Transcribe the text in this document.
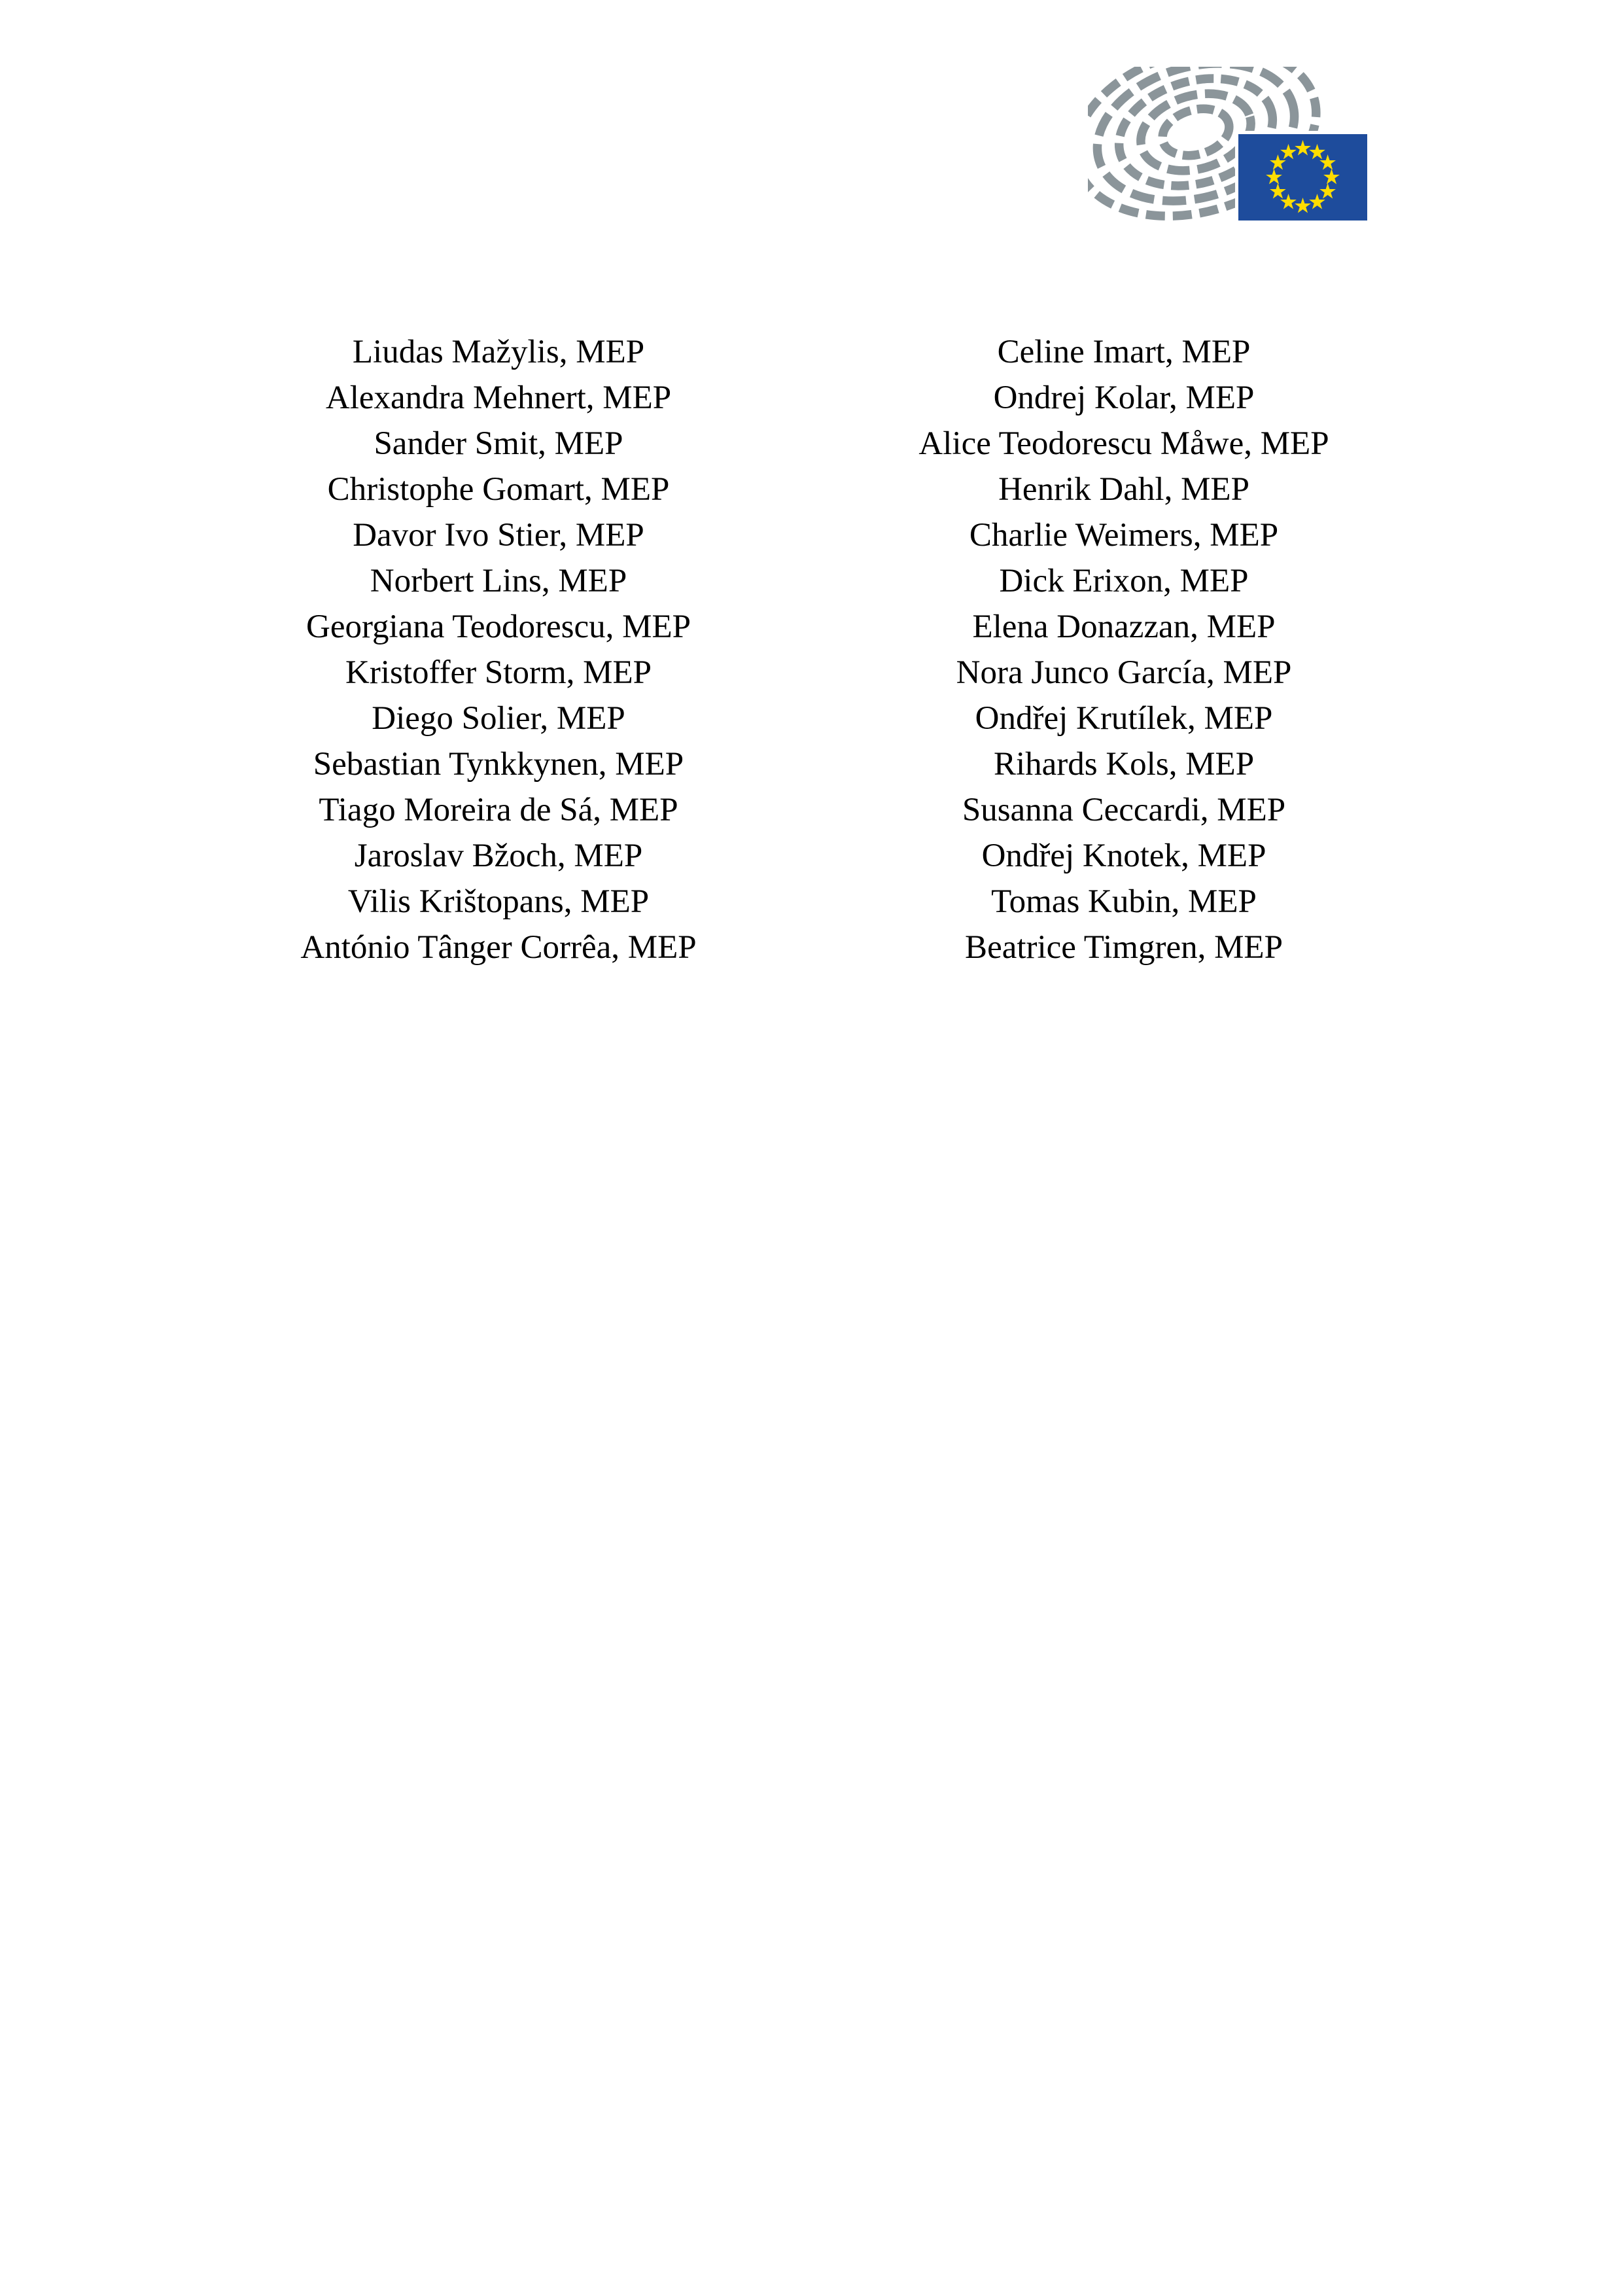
Liudas Mažylis, MEP	Celine Imart, MEP
Alexandra Mehnert, MEP	Ondrej Kolar, MEP
Sander Smit, MEP	Alice Teodorescu Måwe, MEP
Christophe Gomart, MEP	Henrik Dahl, MEP
Davor Ivo Stier, MEP	Charlie Weimers, MEP
Norbert Lins, MEP	Dick Erixon, MEP
Georgiana Teodorescu, MEP	Elena Donazzan, MEP
Kristoffer Storm, MEP	Nora Junco García, MEP
Diego Solier, MEP	Ondřej Krutílek, MEP
Sebastian Tynkkynen, MEP	Rihards Kols, MEP
Tiago Moreira de Sá, MEP	Susanna Ceccardi, MEP
Jaroslav Bžoch, MEP	Ondřej Knotek, MEP
Vilis Krištopans, MEP	Tomas Kubin, MEP
António Tânger Corrêa, MEP	Beatrice Timgren, MEP
